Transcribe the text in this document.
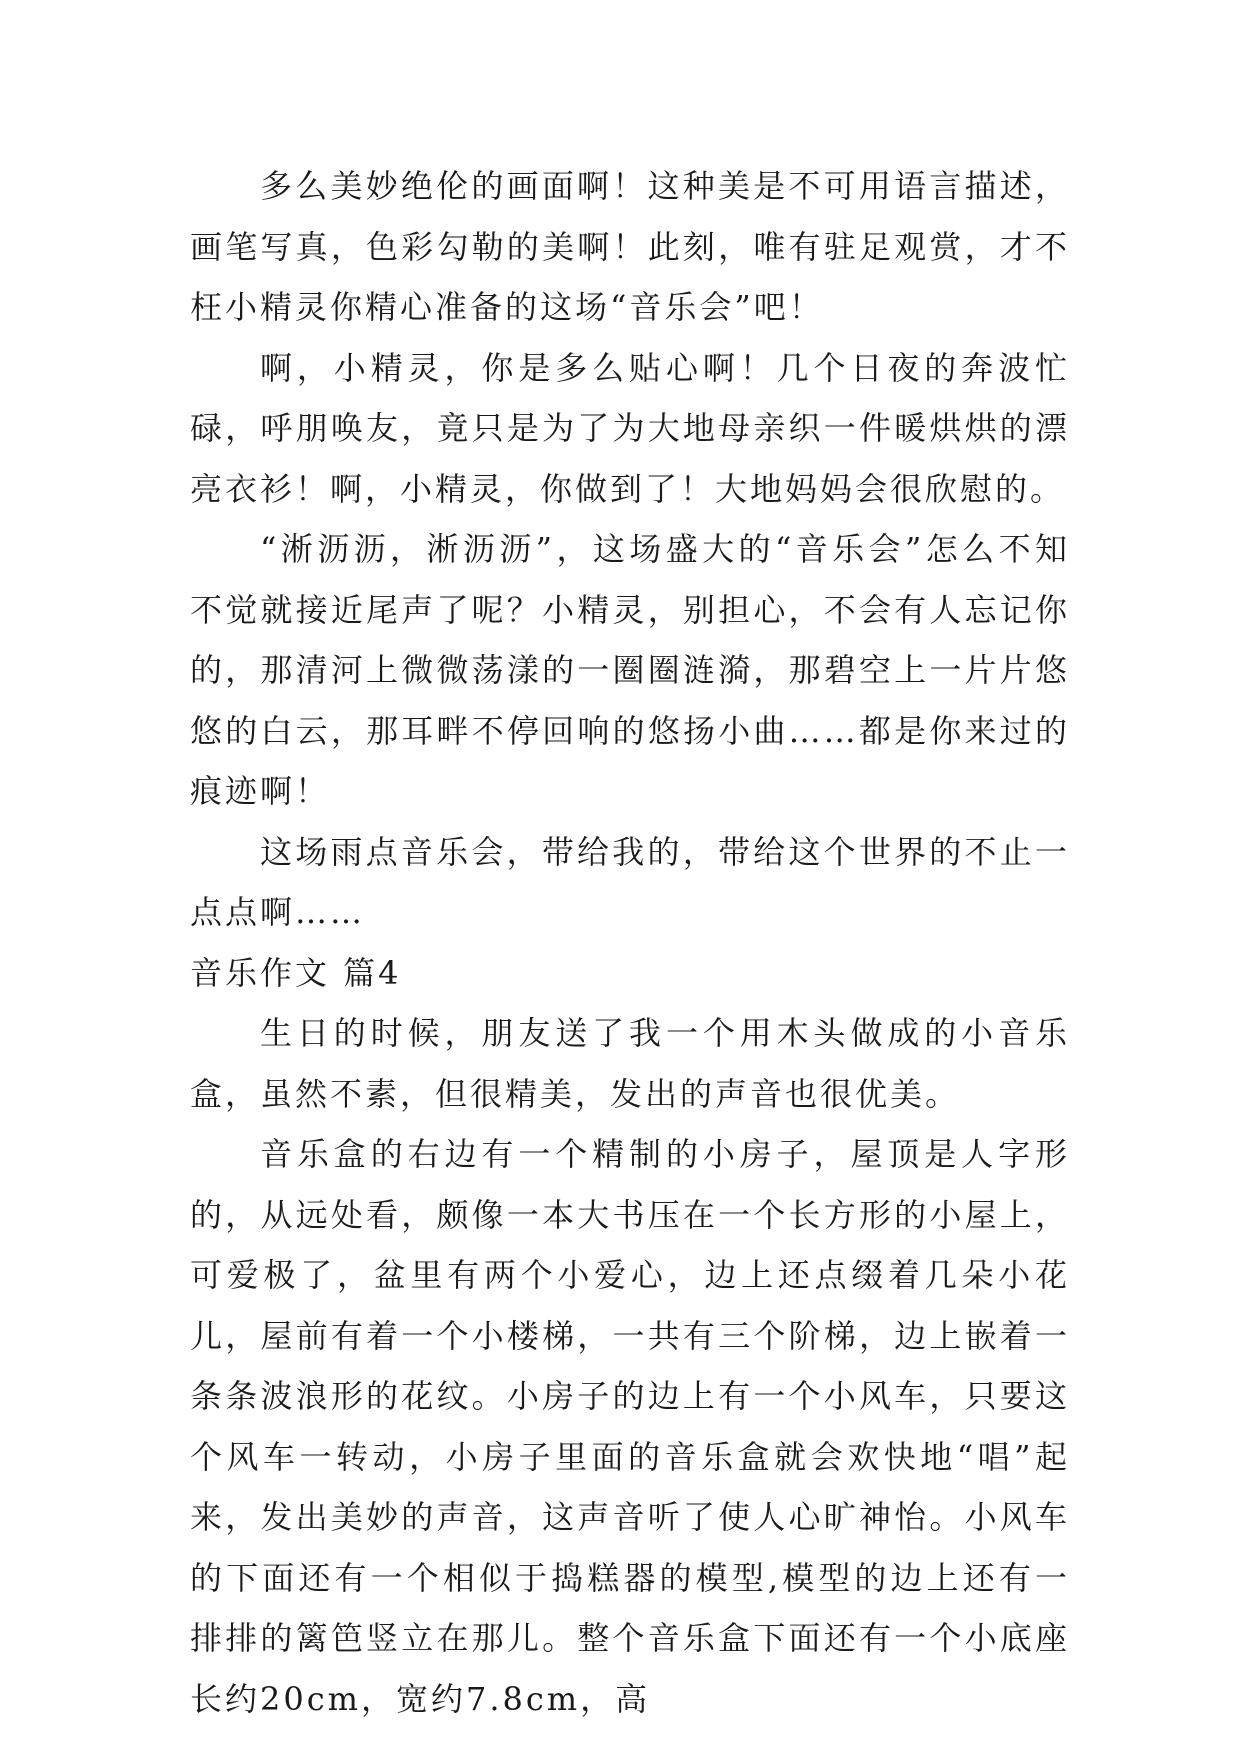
多么美妙绝伦的画面啊！这种美是不可用语言描述，画笔写真，色彩勾勒的美啊！此刻，唯有驻足观赏，才不枉小精灵你精心准备的这场“音乐会”吧！

啊，小精灵，你是多么贴心啊！几个日夜的奔波忙碌，呼朋唤友，竟只是为了为大地母亲织一件暖烘烘的漂亮衣衫！啊，小精灵，你做到了！大地妈妈会很欣慰的。

“淅沥沥，淅沥沥”，这场盛大的“音乐会”怎么不知不觉就接近尾声了呢？小精灵，别担心，不会有人忘记你的，那清河上微微荡漾的一圈圈涟漪，那碧空上一片片悠悠的白云，那耳畔不停回响的悠扬小曲……都是你来过的痕迹啊！

这场雨点音乐会，带给我的，带给这个世界的不止一点点啊……

音乐作文 篇4

生日的时候，朋友送了我一个用木头做成的小音乐盒，虽然不素，但很精美，发出的声音也很优美。

音乐盒的右边有一个精制的小房子，屋顶是人字形的，从远处看，颇像一本大书压在一个长方形的小屋上，可爱极了，盆里有两个小爱心，边上还点缀着几朵小花儿，屋前有着一个小楼梯，一共有三个阶梯，边上嵌着一条条波浪形的花纹。小房子的边上有一个小风车，只要这个风车一转动，小房子里面的音乐盒就会欢快地“唱”起来，发出美妙的声音，这声音听了使人心旷神怡。小风车的下面还有一个相似于捣糕器的模型,模型的边上还有一排排的篱笆竖立在那儿。整个音乐盒下面还有一个小底座长约20cm，宽约7.8cm，高
